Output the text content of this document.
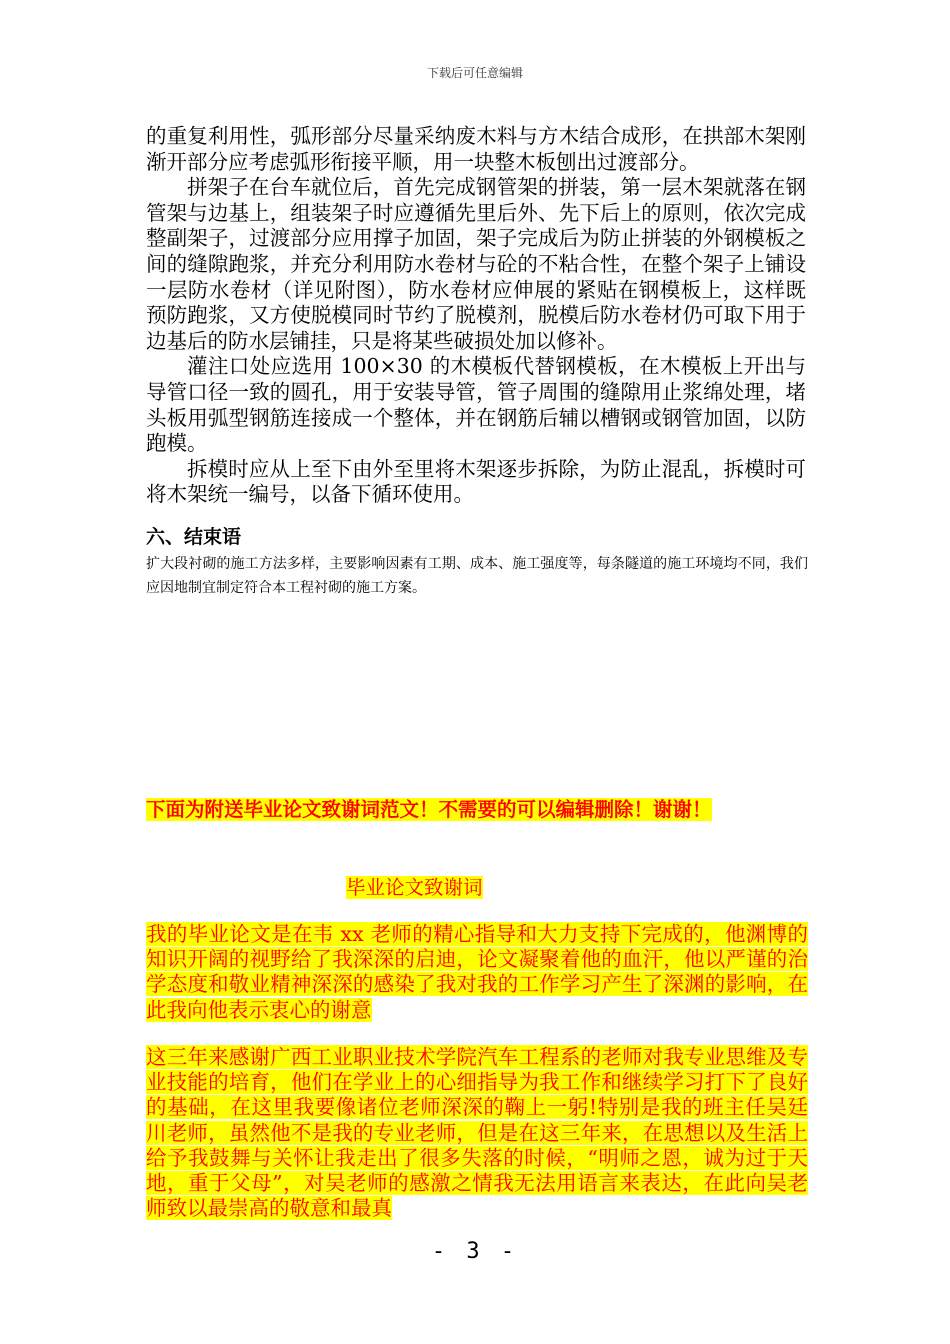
下载后可任意编辑

的重复利用性，弧形部分尽量采纳废木料与方木结合成形，在拱部木架刚渐开部分应考虑弧形衔接平顺，用一块整木板刨出过渡部分。

拼架子在台车就位后，首先完成钢管架的拼装，第一层木架就落在钢管架与边基上，组装架子时应遵循先里后外、先下后上的原则，依次完成整副架子，过渡部分应用撑子加固，架子完成后为防止拼装的外钢模板之间的缝隙跑浆，并充分利用防水卷材与砼的不粘合性，在整个架子上铺设一层防水卷材（详见附图），防水卷材应伸展的紧贴在钢模板上，这样既预防跑浆，又方使脱模同时节约了脱模剂，脱模后防水卷材仍可取下用于边基后的防水层铺挂，只是将某些破损处加以修补。

灌注口处应选用 100×30 的木模板代替钢模板，在木模板上开出与导管口径一致的圆孔，用于安装导管，管子周围的缝隙用止浆绵处理，堵头板用弧型钢筋连接成一个整体，并在钢筋后辅以槽钢或钢管加固，以防跑模。

拆模时应从上至下由外至里将木架逐步拆除，为防止混乱，拆模时可将木架统一编号，以备下循环使用。

六、结束语
扩大段衬砌的施工方法多样，主要影响因素有工期、成本、施工强度等，每条隧道的施工环境均不同，我们应因地制宜制定符合本工程衬砌的施工方案。
下面为附送毕业论文致谢词范文！不需要的可以编辑删除！谢谢！
毕业论文致谢词
我的毕业论文是在韦 xx 老师的精心指导和大力支持下完成的，他渊博的知识开阔的视野给了我深深的启迪，论文凝聚着他的血汗，他以严谨的治学态度和敬业精神深深的感染了我对我的工作学习产生了深渊的影响，在此我向他表示衷心的谢意
这三年来感谢广西工业职业技术学院汽车工程系的老师对我专业思维及专业技能的培育，他们在学业上的心细指导为我工作和继续学习打下了良好的基础，在这里我要像诸位老师深深的鞠上一躬!特别是我的班主任吴廷川老师，虽然他不是我的专业老师，但是在这三年来，在思想以及生活上给予我鼓舞与关怀让我走出了很多失落的时候，“明师之恩，诚为过于天地，重于父母”，对吴老师的感激之情我无法用语言来表达，在此向吴老师致以最崇高的敬意和最真
- 3 -
